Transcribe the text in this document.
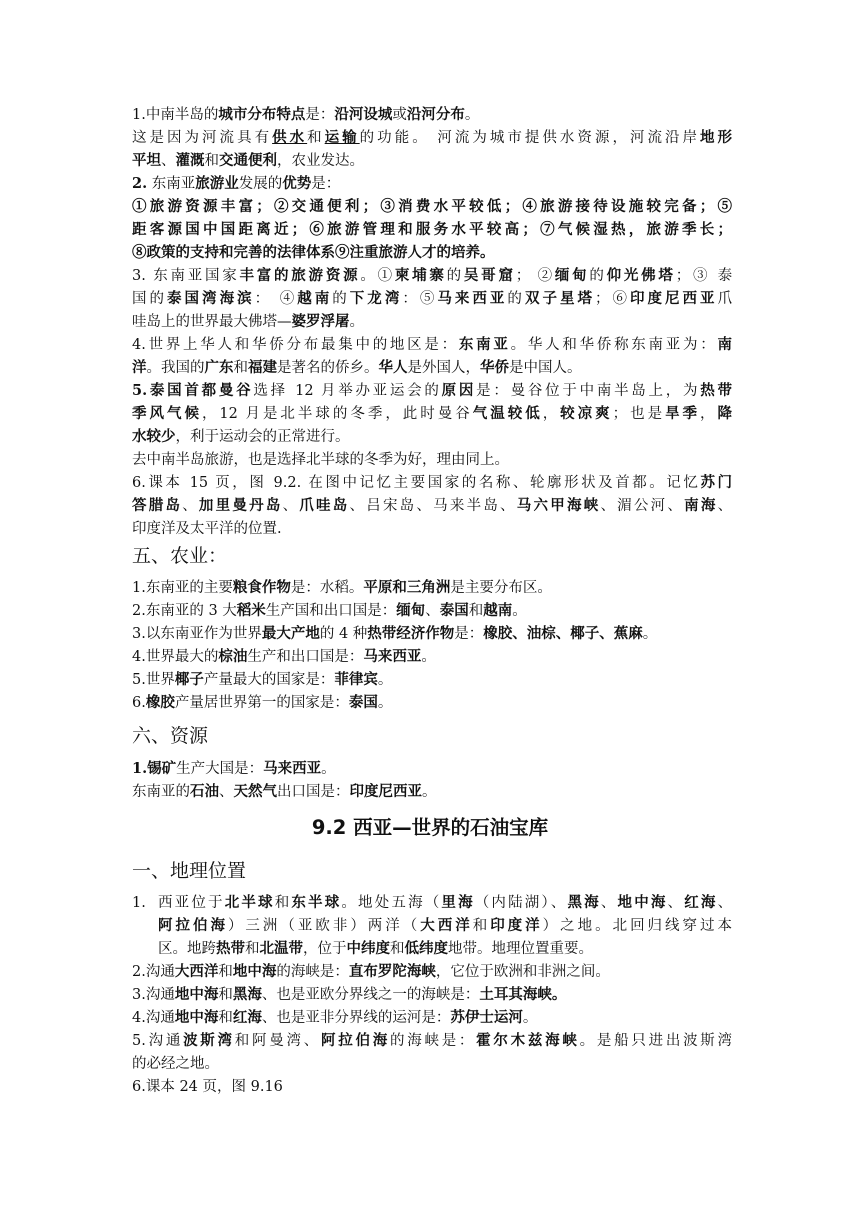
1.中南半岛的城市分布特点是：沿河设城或沿河分布。
这是因为河流具有供水和运输的功能。 河流为城市提供水资源，河流沿岸地形
平坦、灌溉和交通便利，农业发达。
2. 东南亚旅游业发展的优势是：
①旅游资源丰富；②交通便利；③消费水平较低；④旅游接待设施较完备；⑤
距客源国中国距离近；⑥旅游管理和服务水平较高；⑦气候湿热，旅游季长；
⑧政策的支持和完善的法律体系⑨注重旅游人才的培养。
3. 东南亚国家丰富的旅游资源。①柬埔寨的吴哥窟； ②缅甸的仰光佛塔；③ 泰
国的泰国湾海滨： ④越南的下龙湾：⑤马来西亚的双子星塔；⑥印度尼西亚爪
哇岛上的世界最大佛塔—婆罗浮屠。
4.世界上华人和华侨分布最集中的地区是：东南亚。华人和华侨称东南亚为：南
洋。我国的广东和福建是著名的侨乡。华人是外国人，华侨是中国人。
5.泰国首都曼谷选择 12 月举办亚运会的原因是：曼谷位于中南半岛上，为热带
季风气候，12 月是北半球的冬季，此时曼谷气温较低，较凉爽；也是旱季，降
水较少，利于运动会的正常进行。
去中南半岛旅游，也是选择北半球的冬季为好，理由同上。
6.课本 15 页，图 9.2. 在图中记忆主要国家的名称、轮廓形状及首都。记忆苏门
答腊岛、加里曼丹岛、爪哇岛、吕宋岛、马来半岛、马六甲海峡、湄公河、南海、
印度洋及太平洋的位置.
1.东南亚的主要粮食作物是：水稻。平原和三角洲是主要分布区。
2.东南亚的 3 大稻米生产国和出口国是：缅甸、泰国和越南。
3.以东南亚作为世界最大产地的 4 种热带经济作物是：橡胶、油棕、椰子、蕉麻。
4.世界最大的棕油生产和出口国是：马来西亚。
5.世界椰子产量最大的国家是：菲律宾。
6.橡胶产量居世界第一的国家是：泰国。
1.锡矿生产大国是：马来西亚。
东南亚的石油、天然气出口国是：印度尼西亚。
西亚位于北半球和东半球。地处五海（里海（内陆湖）、黑海、地中海、红海、
阿拉伯海）三洲（亚欧非）两洋（大西洋和印度洋）之地。北回归线穿过本
区。地跨热带和北温带，位于中纬度和低纬度地带。地理位置重要。
2.沟通大西洋和地中海的海峡是：直布罗陀海峡，它位于欧洲和非洲之间。
3.沟通地中海和黑海、也是亚欧分界线之一的海峡是：土耳其海峡。
4.沟通地中海和红海、也是亚非分界线的运河是：苏伊士运河。
5.沟通波斯湾和阿曼湾、阿拉伯海的海峡是：霍尔木兹海峡。是船只进出波斯湾
的必经之地。
6.课本 24 页，图 9.16
五、农业：
六、资源
9.2 西亚—世界的石油宝库
一、地理位置
1.
